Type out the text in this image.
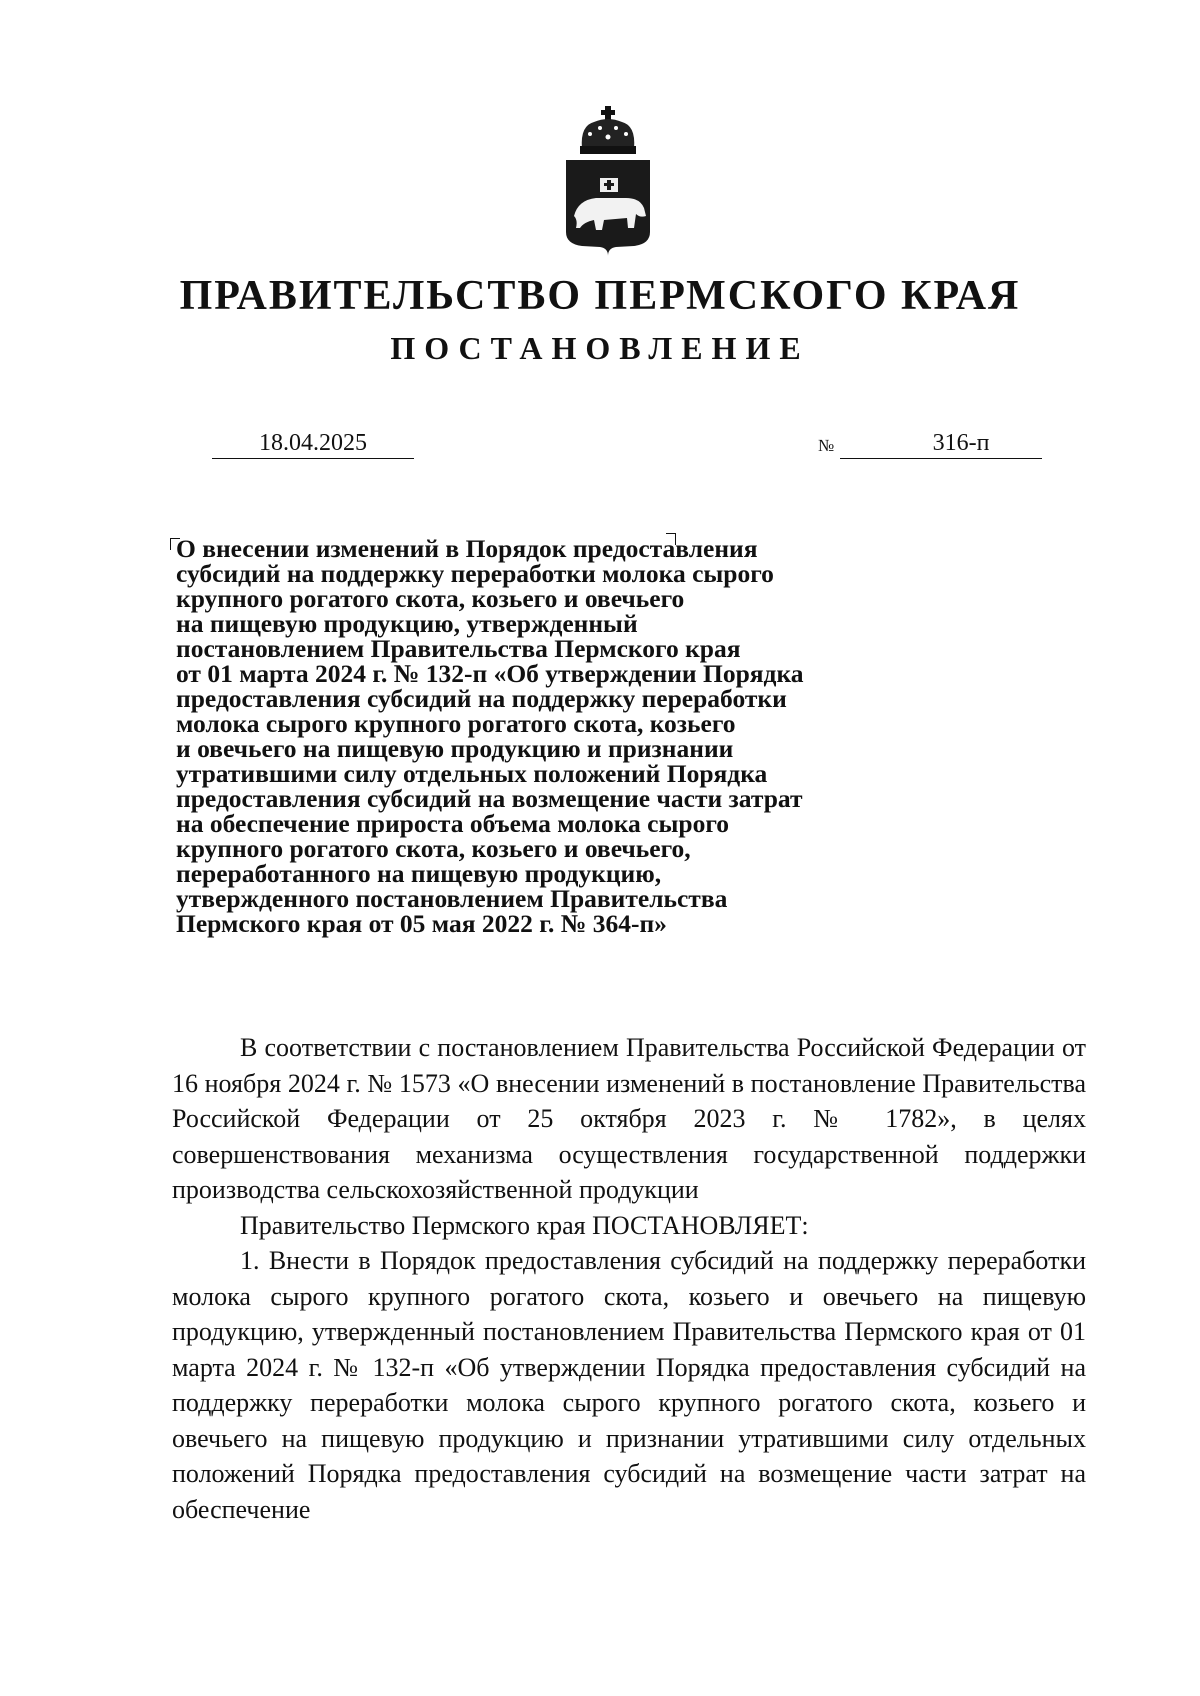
ПРАВИТЕЛЬСТВО ПЕРМСКОГО КРАЯ
ПОСТАНОВЛЕНИЕ
18.04.2025	№	316-п
О внесении изменений в Порядок предоставления
субсидий на поддержку переработки молока сырого
крупного рогатого скота, козьего и овечьего
на пищевую продукцию, утвержденный
постановлением Правительства Пермского края
от 01 марта 2024 г. № 132-п «Об утверждении Порядка
предоставления субсидий на поддержку переработки
молока сырого крупного рогатого скота, козьего
и овечьего на пищевую продукцию и признании
утратившими силу отдельных положений Порядка
предоставления субсидий на возмещение части затрат
на обеспечение прироста объема молока сырого
крупного рогатого скота, козьего и овечьего,
переработанного на пищевую продукцию,
утвержденного постановлением Правительства
Пермского края от 05 мая 2022 г. № 364-п»

В соответствии с постановлением Правительства Российской Федерации от 16 ноября 2024 г. № 1573 «О внесении изменений в постановление Правительства Российской Федерации от 25 октября 2023 г. № 1782», в целях совершенствования механизма осуществления государственной поддержки производства сельскохозяйственной продукции

Правительство Пермского края ПОСТАНОВЛЯЕТ:

1. Внести в Порядок предоставления субсидий на поддержку переработки молока сырого крупного рогатого скота, козьего и овечьего на пищевую продукцию, утвержденный постановлением Правительства Пермского края от 01 марта 2024 г. № 132-п «Об утверждении Порядка предоставления субсидий на поддержку переработки молока сырого крупного рогатого скота, козьего и овечьего на пищевую продукцию и признании утратившими силу отдельных положений Порядка предоставления субсидий на возмещение части затрат на обеспечение
